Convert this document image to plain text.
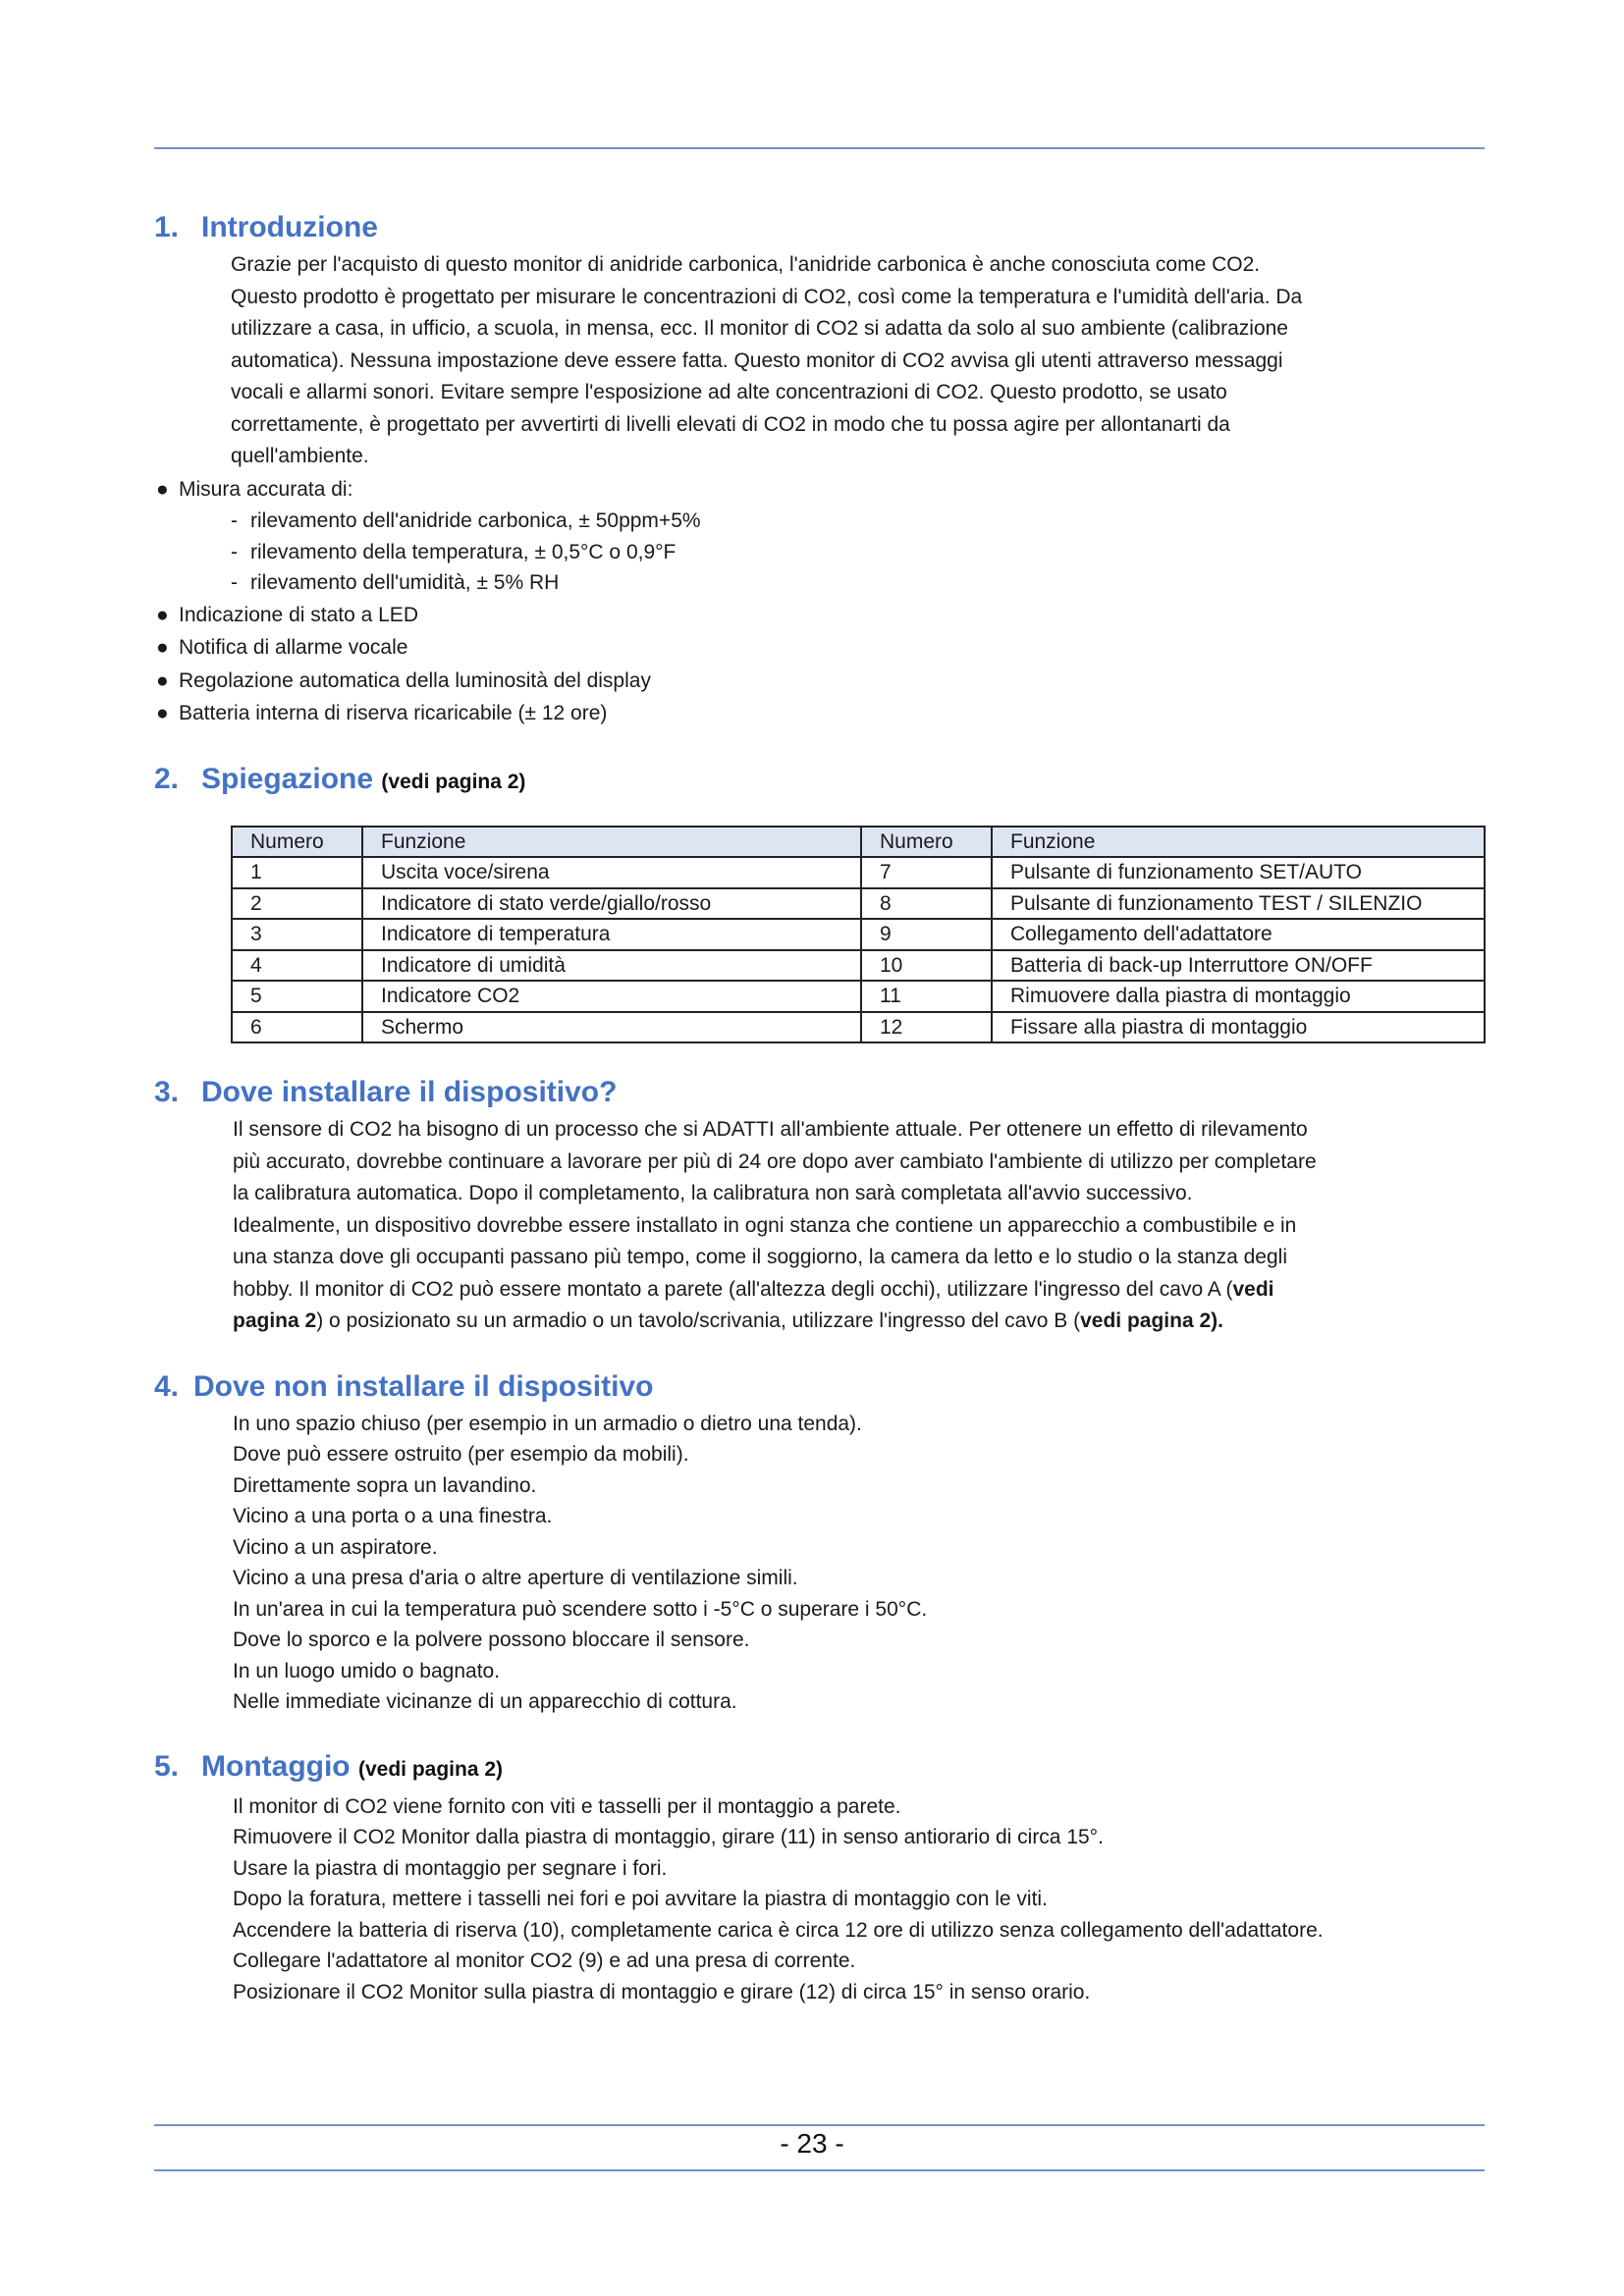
1. Introduzione
Grazie per l'acquisto di questo monitor di anidride carbonica, l'anidride carbonica è anche conosciuta come CO2.
Questo prodotto è progettato per misurare le concentrazioni di CO2, così come la temperatura e l'umidità dell'aria. Da
utilizzare a casa, in ufficio, a scuola, in mensa, ecc. Il monitor di CO2 si adatta da solo al suo ambiente (calibrazione
automatica). Nessuna impostazione deve essere fatta. Questo monitor di CO2 avvisa gli utenti attraverso messaggi
vocali e allarmi sonori. Evitare sempre l'esposizione ad alte concentrazioni di CO2. Questo prodotto, se usato
correttamente, è progettato per avvertirti di livelli elevati di CO2 in modo che tu possa agire per allontanarti da
quell'ambiente.
● Misura accurata di:
- rilevamento dell'anidride carbonica, ± 50ppm+5%
- rilevamento della temperatura, ± 0,5°C o 0,9°F
- rilevamento dell'umidità, ± 5% RH
● Indicazione di stato a LED
● Notifica di allarme vocale
● Regolazione automatica della luminosità del display
● Batteria interna di riserva ricaricabile (± 12 ore)
2. Spiegazione (vedi pagina 2)
Numero	Funzione	Numero	Funzione
1	Uscita voce/sirena	7	Pulsante di funzionamento SET/AUTO
2	Indicatore di stato verde/giallo/rosso	8	Pulsante di funzionamento TEST / SILENZIO
3	Indicatore di temperatura	9	Collegamento dell'adattatore
4	Indicatore di umidità	10	Batteria di back-up Interruttore ON/OFF
5	Indicatore CO2	11	Rimuovere dalla piastra di montaggio
6	Schermo	12	Fissare alla piastra di montaggio
3. Dove installare il dispositivo?
Il sensore di CO2 ha bisogno di un processo che si ADATTI all'ambiente attuale. Per ottenere un effetto di rilevamento
più accurato, dovrebbe continuare a lavorare per più di 24 ore dopo aver cambiato l'ambiente di utilizzo per completare
la calibratura automatica. Dopo il completamento, la calibratura non sarà completata all'avvio successivo.
Idealmente, un dispositivo dovrebbe essere installato in ogni stanza che contiene un apparecchio a combustibile e in
una stanza dove gli occupanti passano più tempo, come il soggiorno, la camera da letto e lo studio o la stanza degli
hobby. Il monitor di CO2 può essere montato a parete (all'altezza degli occhi), utilizzare l'ingresso del cavo A (vedi
pagina 2) o posizionato su un armadio o un tavolo/scrivania, utilizzare l'ingresso del cavo B (vedi pagina 2).
4. Dove non installare il dispositivo
In uno spazio chiuso (per esempio in un armadio o dietro una tenda).
Dove può essere ostruito (per esempio da mobili).
Direttamente sopra un lavandino.
Vicino a una porta o a una finestra.
Vicino a un aspiratore.
Vicino a una presa d'aria o altre aperture di ventilazione simili.
In un'area in cui la temperatura può scendere sotto i -5°C o superare i 50°C.
Dove lo sporco e la polvere possono bloccare il sensore.
In un luogo umido o bagnato.
Nelle immediate vicinanze di un apparecchio di cottura.
5. Montaggio (vedi pagina 2)
Il monitor di CO2 viene fornito con viti e tasselli per il montaggio a parete.
Rimuovere il CO2 Monitor dalla piastra di montaggio, girare (11) in senso antiorario di circa 15°.
Usare la piastra di montaggio per segnare i fori.
Dopo la foratura, mettere i tasselli nei fori e poi avvitare la piastra di montaggio con le viti.
Accendere la batteria di riserva (10), completamente carica è circa 12 ore di utilizzo senza collegamento dell'adattatore.
Collegare l'adattatore al monitor CO2 (9) e ad una presa di corrente.
Posizionare il CO2 Monitor sulla piastra di montaggio e girare (12) di circa 15° in senso orario.
- 23 -
